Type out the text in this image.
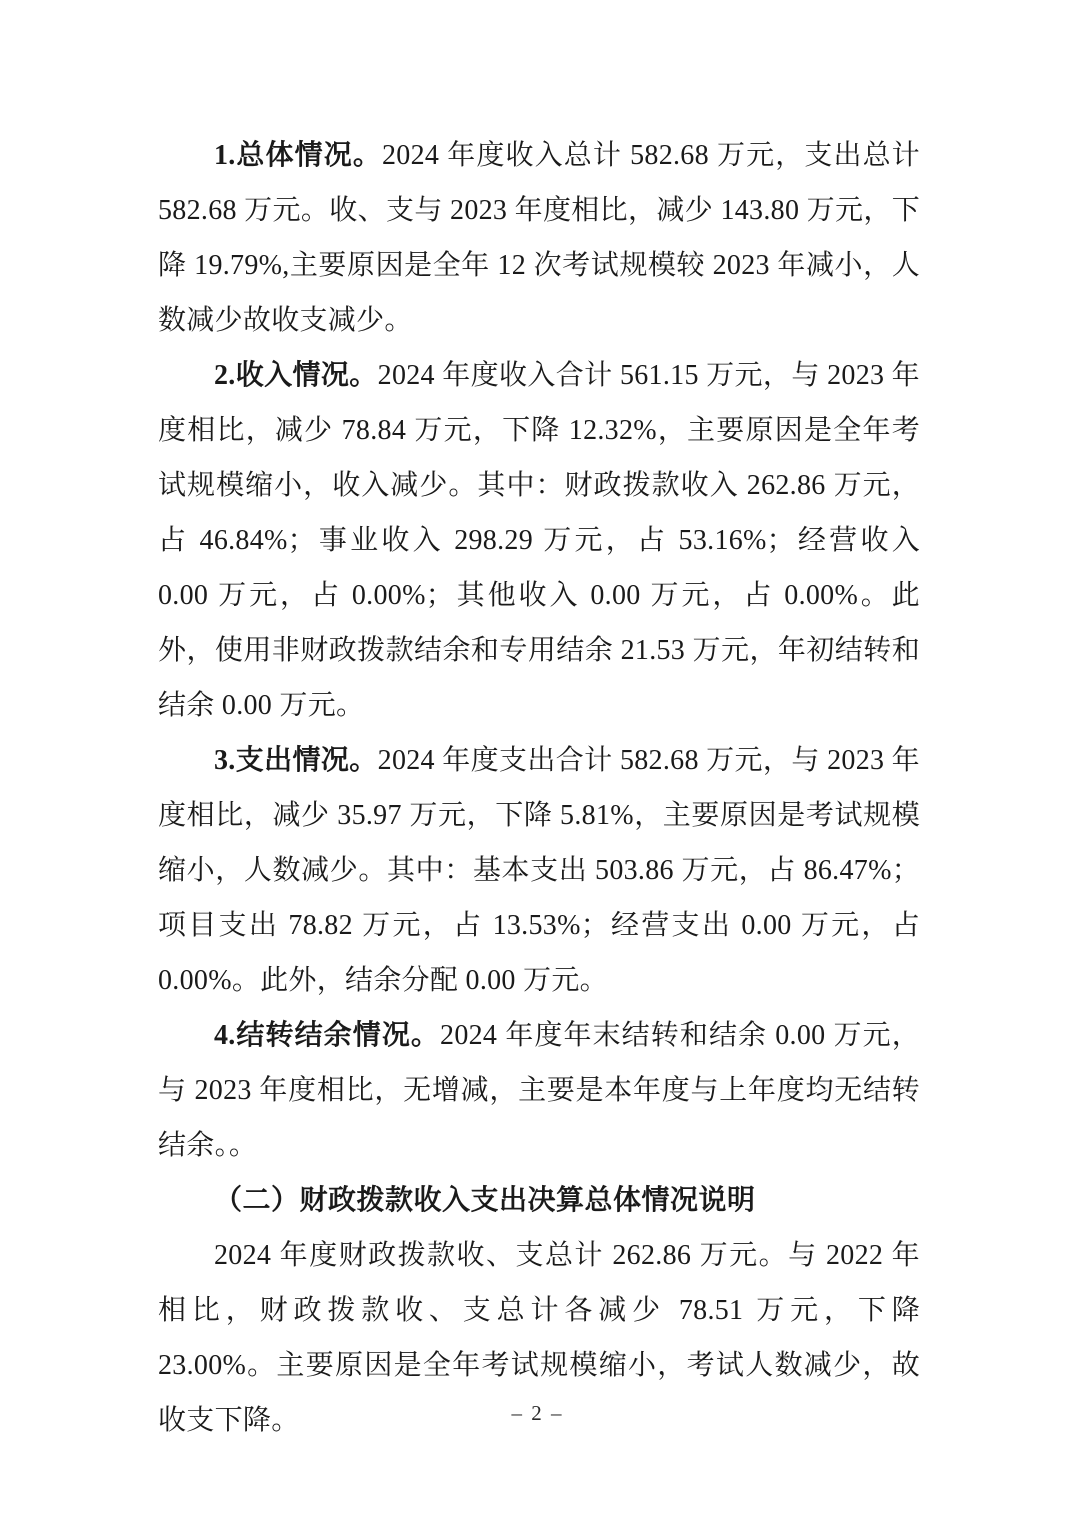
1.总体情况。2024 年度收入总计 582.68 万元，支出总计 582.68 万元。收、支与 2023 年度相比，减少 143.80 万元，下降 19.79%,主要原因是全年 12 次考试规模较 2023 年减小，人数减少故收支减少。

2.收入情况。2024 年度收入合计 561.15 万元，与 2023 年度相比，减少 78.84 万元，下降 12.32%，主要原因是全年考试规模缩小，收入减少。其中：财政拨款收入 262.86 万元，占 46.84%；事业收入 298.29 万元，占 53.16%；经营收入 0.00 万元，占 0.00%；其他收入 0.00 万元，占 0.00%。此外，使用非财政拨款结余和专用结余 21.53 万元，年初结转和结余 0.00 万元。

3.支出情况。2024 年度支出合计 582.68 万元，与 2023 年度相比，减少 35.97 万元，下降 5.81%，主要原因是考试规模缩小，人数减少。其中：基本支出 503.86 万元，占 86.47%；项目支出 78.82 万元，占 13.53%；经营支出 0.00 万元，占 0.00%。此外，结余分配 0.00 万元。

4.结转结余情况。2024 年度年末结转和结余 0.00 万元，与 2023 年度相比，无增减，主要是本年度与上年度均无结转结余。。

（二）财政拨款收入支出决算总体情况说明

2024 年度财政拨款收、支总计 262.86 万元。与 2022 年相比，财政拨款收、支总计各减少 78.51 万元，下降 23.00%。主要原因是全年考试规模缩小，考试人数减少，故收支下降。	– 2 –
